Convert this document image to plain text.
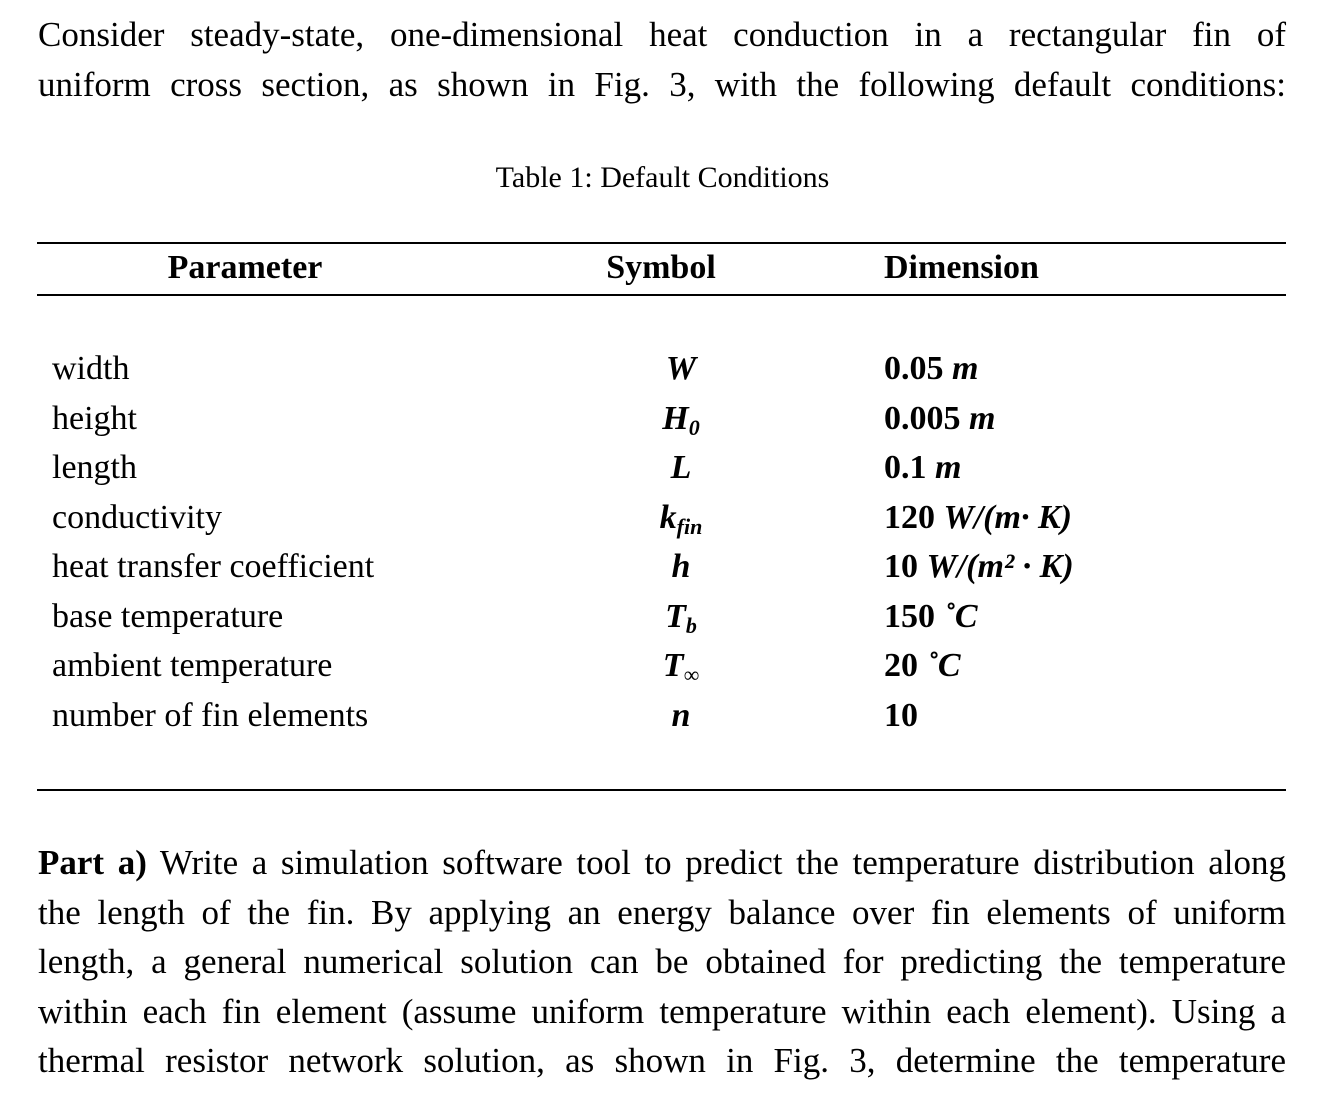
Consider steady-state, one-dimensional heat conduction in a rectangular fin of
uniform cross section, as shown in Fig. 3, with the following default conditions:
Table 1: Default Conditions
Parameter	Symbol	Dimension
width	W	0.05 m
height	$H_0$	0.005 m
length	L	0.1 m
conductivity	$k_{fin}$	120 W/(m· K)
heat transfer coefficient	h	10 W/(m² · K)
base temperature	$T_b$	150 ˚C
ambient temperature	$T_\infty$	20 ˚C
number of fin elements	n	10
Part a) Write a simulation software tool to predict the temperature distribution along
the length of the fin. By applying an energy balance over fin elements of uniform
length, a general numerical solution can be obtained for predicting the temperature
within each fin element (assume uniform temperature within each element). Using a
thermal resistor network solution, as shown in Fig. 3, determine the temperature
